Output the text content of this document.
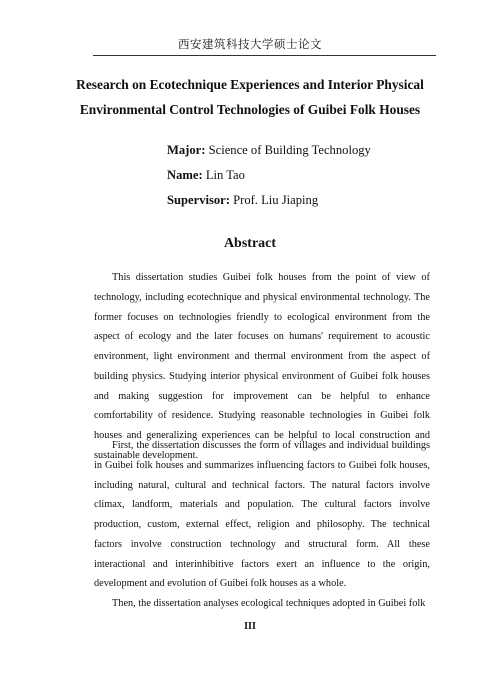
西安建筑科技大学硕士论文
Research on Ecotechnique Experiences and Interior Physical
Environmental Control Technologies of Guibei Folk Houses
Major: Science of Building Technology
Name: Lin Tao
Supervisor: Prof. Liu Jiaping
Abstract

This dissertation studies Guibei folk houses from the point of view of technology, including ecotechnique and physical environmental technology. The former focuses on technologies friendly to ecological environment from the aspect of ecology and the later focuses on humans' requirement to acoustic environment, light environment and thermal environment from the aspect of building physics. Studying interior physical environment of Guibei folk houses and making suggestion for improvement can be helpful to enhance comfortability of residence. Studying reasonable technologies in Guibei folk houses and generalizing experiences can be helpful to local construction and sustainable development.

First, the dissertation discusses the form of villages and individual buildings in Guibei folk houses and summarizes influencing factors to Guibei folk houses, including natural, cultural and technical factors. The natural factors involve climax, landform, materials and population. The cultural factors involve production, custom, external effect, religion and philosophy. The technical factors involve construction technology and structural form. All these interactional and interinhibitive factors exert an influence to the origin, development and evolution of Guibei folk houses as a whole.

Then, the dissertation analyses ecological techniques adopted in Guibei folk

III
